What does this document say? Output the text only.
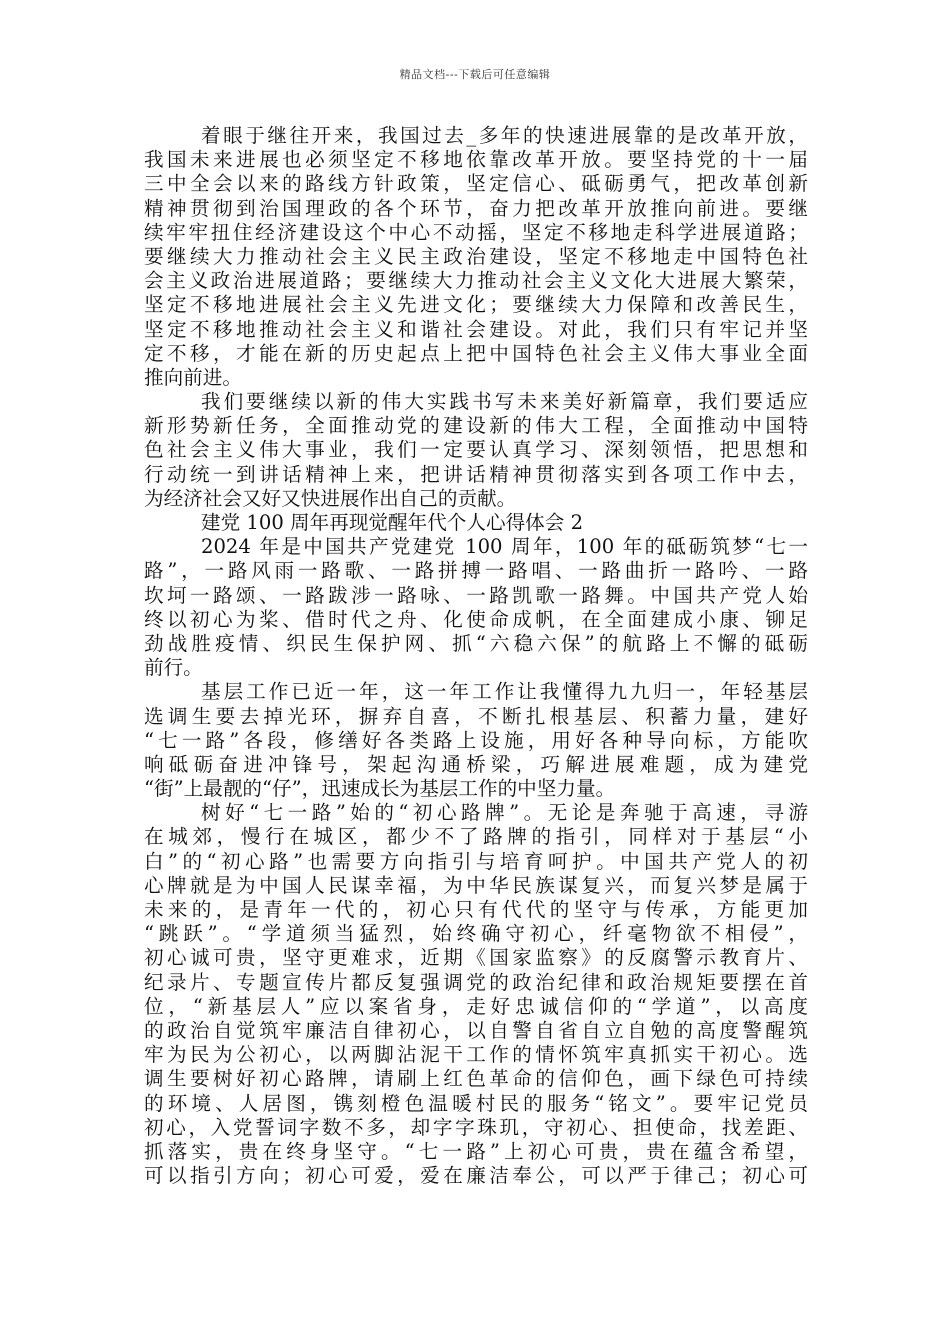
精品文档---下载后可任意编辑
着眼于继往开来，我国过去_多年的快速进展靠的是改革开放，
我国未来进展也必须坚定不移地依靠改革开放。要坚持党的十一届
三中全会以来的路线方针政策，坚定信心、砥砺勇气，把改革创新
精神贯彻到治国理政的各个环节，奋力把改革开放推向前进。要继
续牢牢扭住经济建设这个中心不动摇，坚定不移地走科学进展道路；
要继续大力推动社会主义民主政治建设，坚定不移地走中国特色社
会主义政治进展道路；要继续大力推动社会主义文化大进展大繁荣，
坚定不移地进展社会主义先进文化；要继续大力保障和改善民生，
坚定不移地推动社会主义和谐社会建设。对此，我们只有牢记并坚
定不移，才能在新的历史起点上把中国特色社会主义伟大事业全面
推向前进。
我们要继续以新的伟大实践书写未来美好新篇章，我们要适应
新形势新任务，全面推动党的建设新的伟大工程，全面推动中国特
色社会主义伟大事业，我们一定要认真学习、深刻领悟，把思想和
行动统一到讲话精神上来，把讲话精神贯彻落实到各项工作中去，
为经济社会又好又快进展作出自己的贡献。
建党 100 周年再现觉醒年代个人心得体会 2
2024 年是中国共产党建党 100 周年，100 年的砥砺筑梦“七一
路”，一路风雨一路歌、一路拼搏一路唱、一路曲折一路吟、一路
坎坷一路颂、一路跋涉一路咏、一路凯歌一路舞。中国共产党人始
终以初心为桨、借时代之舟、化使命成帆，在全面建成小康、铆足
劲战胜疫情、织民生保护网、抓“六稳六保”的航路上不懈的砥砺
前行。
基层工作已近一年，这一年工作让我懂得九九归一，年轻基层
选调生要去掉光环，摒弃自喜，不断扎根基层、积蓄力量，建好
“七一路”各段，修缮好各类路上设施，用好各种导向标，方能吹
响砥砺奋进冲锋号，架起沟通桥梁，巧解进展难题，成为建党
“街”上最靓的“仔”，迅速成长为基层工作的中坚力量。
树好“七一路”始的“初心路牌”。无论是奔驰于高速，寻游
在城郊，慢行在城区，都少不了路牌的指引，同样对于基层“小
白”的“初心路”也需要方向指引与培育呵护。中国共产党人的初
心牌就是为中国人民谋幸福，为中华民族谋复兴，而复兴梦是属于
未来的，是青年一代的，初心只有代代的坚守与传承，方能更加
“跳跃”。“学道须当猛烈，始终确守初心，纤毫物欲不相侵”，
初心诚可贵，坚守更难求，近期《国家监察》的反腐警示教育片、
纪录片、专题宣传片都反复强调党的政治纪律和政治规矩要摆在首
位，“新基层人”应以案省身，走好忠诚信仰的“学道”，以高度
的政治自觉筑牢廉洁自律初心，以自警自省自立自勉的高度警醒筑
牢为民为公初心，以两脚沾泥干工作的情怀筑牢真抓实干初心。选
调生要树好初心路牌，请刷上红色革命的信仰色，画下绿色可持续
的环境、人居图，镌刻橙色温暖村民的服务“铭文”。要牢记党员
初心，入党誓词字数不多，却字字珠玑，守初心、担使命，找差距、
抓落实，贵在终身坚守。“七一路”上初心可贵，贵在蕴含希望，
可以指引方向；初心可爱，爱在廉洁奉公，可以严于律己；初心可
